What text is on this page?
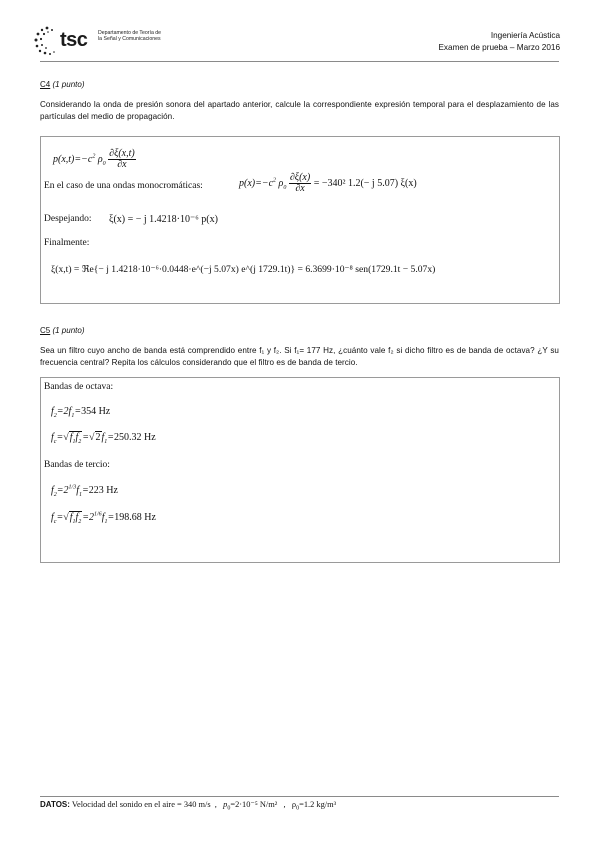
tsc Departamento de Teoría de
la Señal y Comunicaciones	Ingeniería Acústica
Examen de prueba – Marzo 2016
C4 (1 punto)
Considerando la onda de presión sonora del apartado anterior, calcule la correspondiente expresión temporal para el desplazamiento de las partículas del medio de propagación.
$p(x,t)=-c^2$ $\rho_0 \frac{\partial\xi(x,t)}{\partial x}$
En el caso de una ondas monocromáticas:	$p(x)=-c^2$ $\rho_0 \frac{\partial\xi(x)}{\partial x} = -340^2$ 1.2(− j 5.07) ξ(x)
Despejando: ξ(x) = − j 1.4218·10⁻⁶ p(x)
Finalmente:
ξ(x,t) = ℜe{− j 1.4218·10⁻⁶·0.0448·e^(−j 5.07x) e^(j 1729.1t)} = 6.3699·10⁻⁸ sen(1729.1t − 5.07x)
C5 (1 punto)
Sea un filtro cuyo ancho de banda está comprendido entre f₁ y f₂. Si f₁= 177 Hz, ¿cuánto vale f₂ si dicho filtro es de banda de octava? ¿Y su frecuencia central? Repita los cálculos considerando que el filtro es de banda de tercio.
Bandas de octava:
$f_2=2f_1=354$ Hz
$f_c=√f_1f_2=√2f_1=250.32$ Hz
Bandas de tercio:
$f_2=2^{1/3}f_1=223$ Hz
$f_c=√f_1f_2=2^{1/6}f_1=198.68$ Hz
DATOS: Velocidad del sonido en el aire = 340 m/s  ,   $p_0=2\cdot 10^{-5}$ N/m²   ,   $\rho_0=1.2$ kg/m³
